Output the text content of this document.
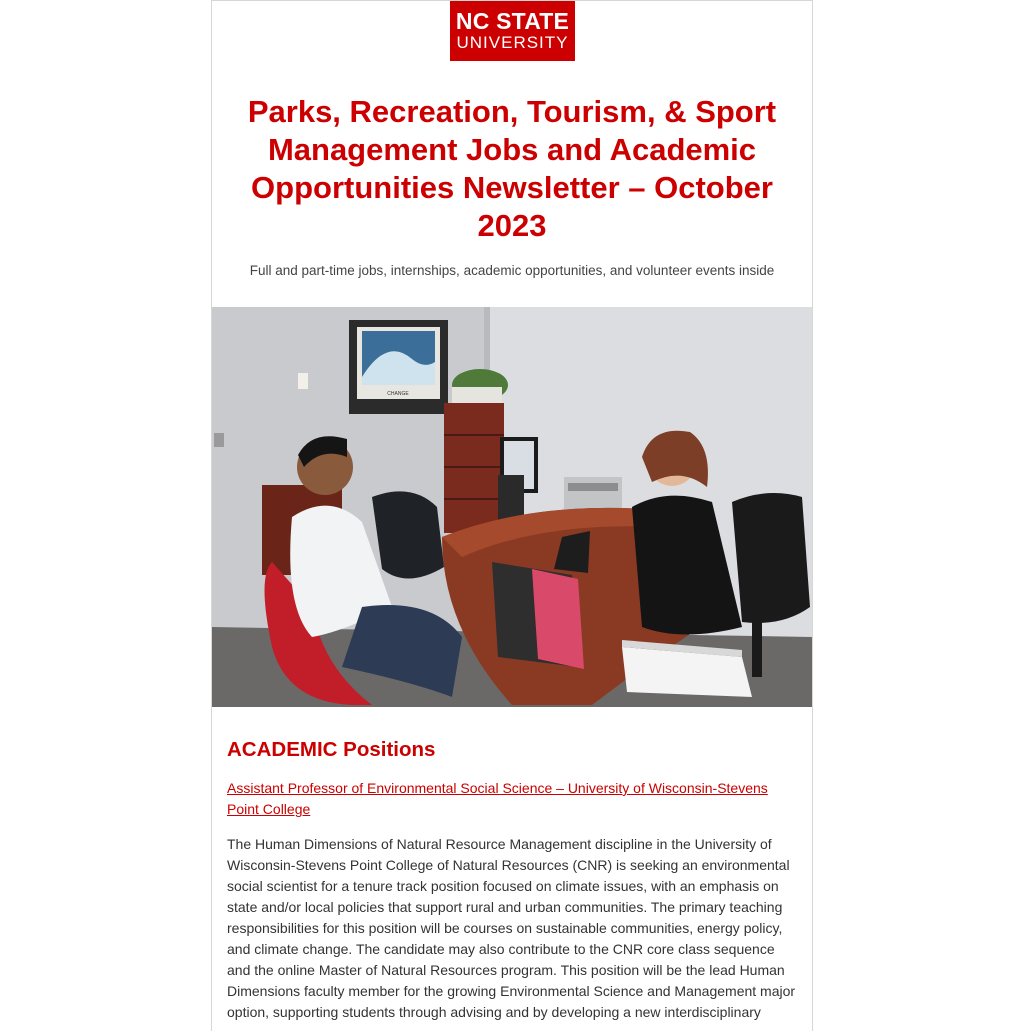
NC STATE
UNIVERSITY
Parks, Recreation, Tourism, & Sport Management Jobs and Academic Opportunities Newsletter – October 2023

Full and part-time jobs, internships, academic opportunities, and volunteer events inside

CHANGE
ACADEMIC Positions
Assistant Professor of Environmental Social Science – University of Wisconsin-Stevens Point College

The Human Dimensions of Natural Resource Management discipline in the University of Wisconsin-Stevens Point College of Natural Resources (CNR) is seeking an environmental social scientist for a tenure track position focused on climate issues, with an emphasis on state and/or local policies that support rural and urban communities. The primary teaching responsibilities for this position will be courses on sustainable communities, energy policy, and climate change. The candidate may also contribute to the CNR core class sequence and the online Master of Natural Resources program. This position will be the lead Human Dimensions faculty member for the growing Environmental Science and Management major option, supporting students through advising and by developing a new interdisciplinary
